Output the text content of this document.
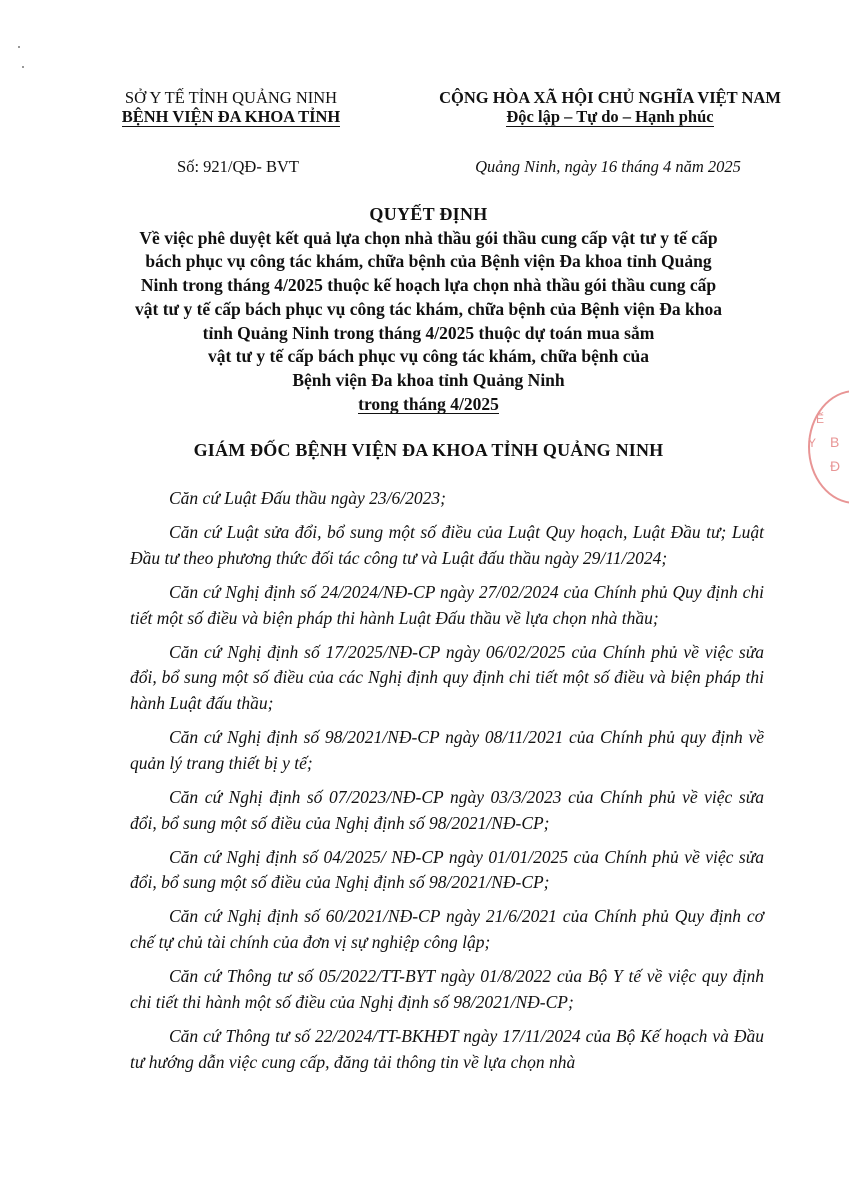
SỞ Y TẾ TỈNH QUẢNG NINH
BỆNH VIỆN ĐA KHOA TỈNH
CỘNG HÒA XÃ HỘI CHỦ NGHĨA VIỆT NAM
Độc lập – Tự do – Hạnh phúc
Số: 921/QĐ- BVT	Quảng Ninh, ngày 16 tháng 4 năm 2025
QUYẾT ĐỊNH
Về việc phê duyệt kết quả lựa chọn nhà thầu gói thầu cung cấp vật tư y tế cấp
bách phục vụ công tác khám, chữa bệnh của Bệnh viện Đa khoa tỉnh Quảng
Ninh trong tháng 4/2025 thuộc kế hoạch lựa chọn nhà thầu gói thầu cung cấp
vật tư y tế cấp bách phục vụ công tác khám, chữa bệnh của Bệnh viện Đa khoa
tỉnh Quảng Ninh trong tháng 4/2025 thuộc dự toán mua sắm
vật tư y tế cấp bách phục vụ công tác khám, chữa bệnh của
Bệnh viện Đa khoa tỉnh Quảng Ninh
trong tháng 4/2025
GIÁM ĐỐC BỆNH VIỆN ĐA KHOA TỈNH QUẢNG NINH

Căn cứ Luật Đấu thầu ngày 23/6/2023;

Căn cứ Luật sửa đổi, bổ sung một số điều của Luật Quy hoạch, Luật Đầu tư; Luật Đầu tư theo phương thức đối tác công tư và Luật đấu thầu ngày 29/11/2024;

Căn cứ Nghị định số 24/2024/NĐ-CP ngày 27/02/2024 của Chính phủ Quy định chi tiết một số điều và biện pháp thi hành Luật Đấu thầu về lựa chọn nhà thầu;

Căn cứ Nghị định số 17/2025/NĐ-CP ngày 06/02/2025 của Chính phủ về việc sửa đổi, bổ sung một số điều của các Nghị định quy định chi tiết một số điều và biện pháp thi hành Luật đấu thầu;

Căn cứ Nghị định số 98/2021/NĐ-CP ngày 08/11/2021 của Chính phủ quy định về quản lý trang thiết bị y tế;

Căn cứ Nghị định số 07/2023/NĐ-CP ngày 03/3/2023 của Chính phủ về việc sửa đổi, bổ sung một số điều của Nghị định số 98/2021/NĐ-CP;

Căn cứ Nghị định số 04/2025/ NĐ-CP ngày 01/01/2025 của Chính phủ về việc sửa đổi, bổ sung một số điều của Nghị định số 98/2021/NĐ-CP;

Căn cứ Nghị định số 60/2021/NĐ-CP ngày 21/6/2021 của Chính phủ Quy định cơ chế tự chủ tài chính của đơn vị sự nghiệp công lập;

Căn cứ Thông tư số 05/2022/TT-BYT ngày 01/8/2022 của Bộ Y tế về việc quy định chi tiết thi hành một số điều của Nghị định số 98/2021/NĐ-CP;

Căn cứ Thông tư số 22/2024/TT-BKHĐT ngày 17/11/2024 của Bộ Kế hoạch và Đầu tư hướng dẫn việc cung cấp, đăng tải thông tin về lựa chọn nhà

Ế
Y B
Đ
